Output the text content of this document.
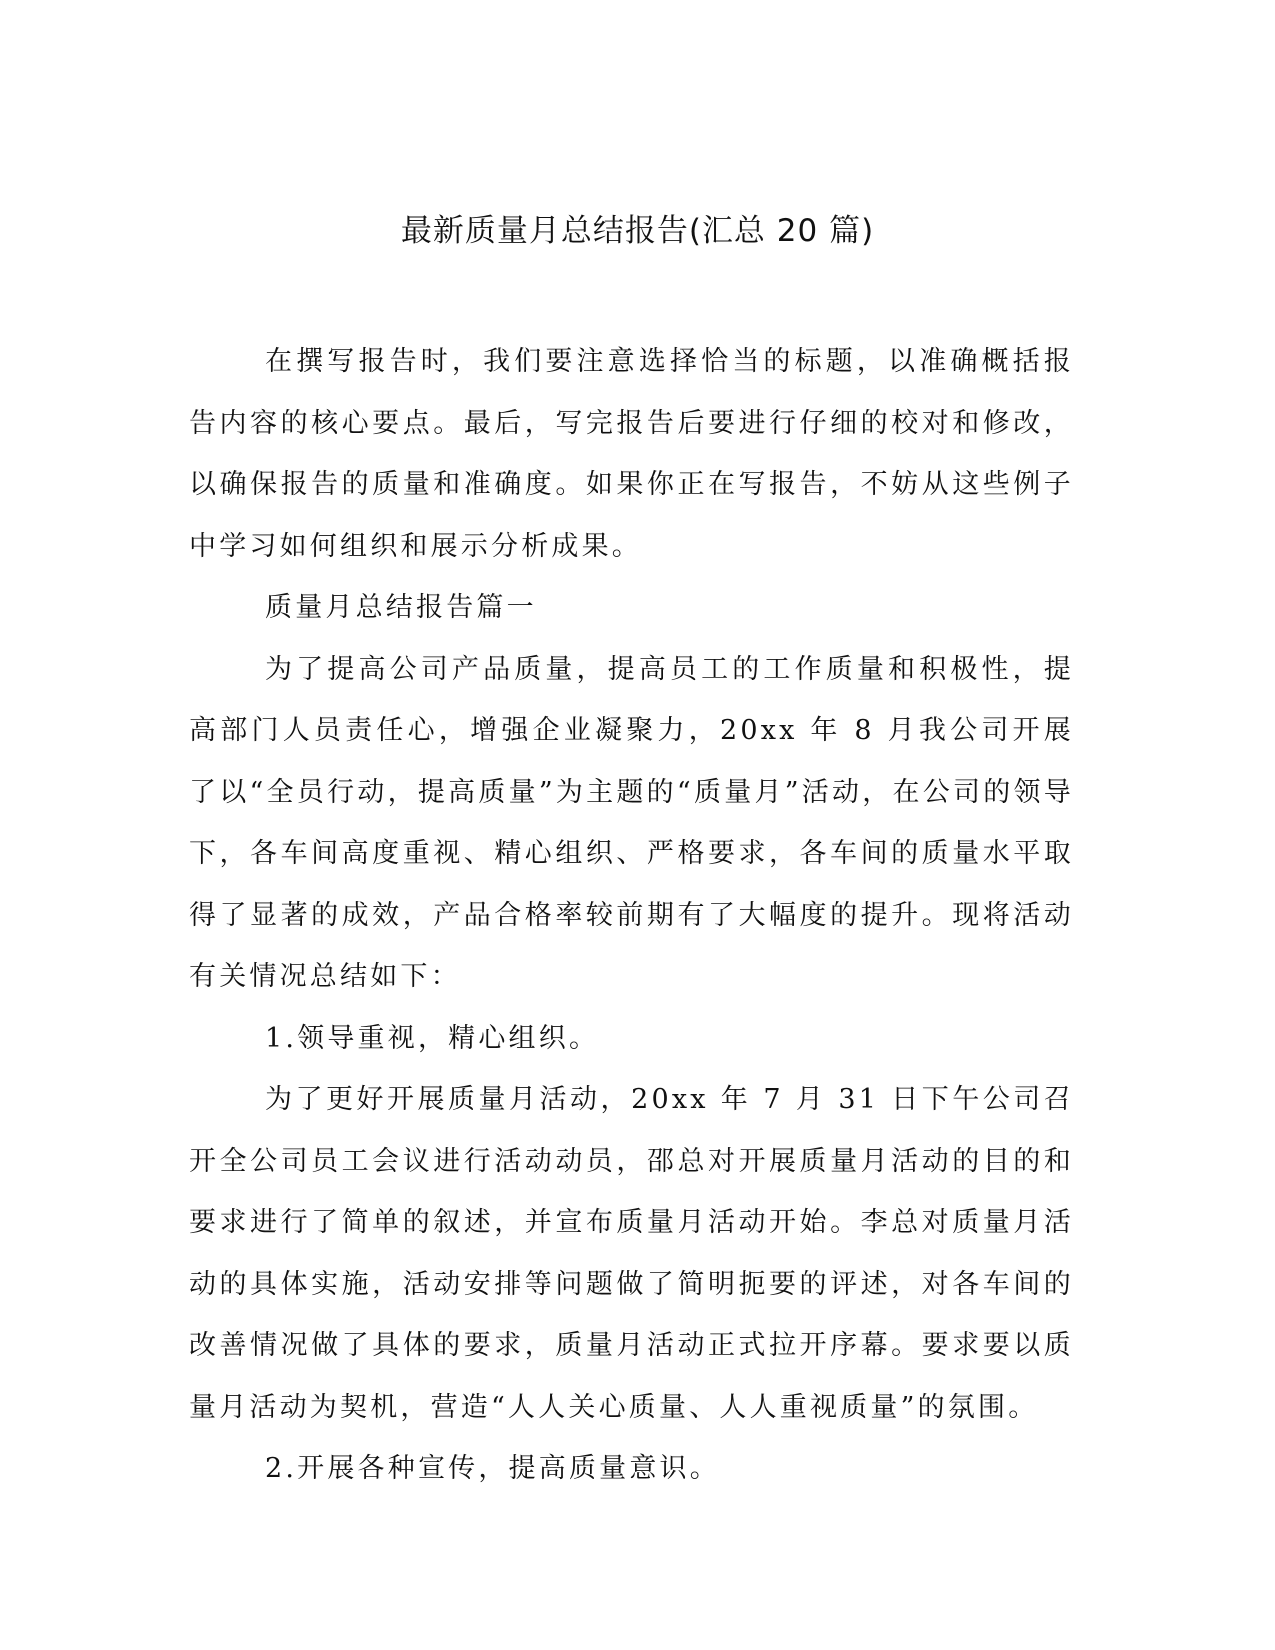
最新质量月总结报告(汇总 20 篇)

在撰写报告时，我们要注意选择恰当的标题，以准确概括报告内容的核心要点。最后，写完报告后要进行仔细的校对和修改，以确保报告的质量和准确度。如果你正在写报告，不妨从这些例子中学习如何组织和展示分析成果。

质量月总结报告篇一

为了提高公司产品质量，提高员工的工作质量和积极性，提高部门人员责任心，增强企业凝聚力，20xx 年 8 月我公司开展了以“全员行动，提高质量”为主题的“质量月”活动，在公司的领导下，各车间高度重视、精心组织、严格要求，各车间的质量水平取得了显著的成效，产品合格率较前期有了大幅度的提升。现将活动有关情况总结如下：

1.领导重视，精心组织。

为了更好开展质量月活动，20xx 年 7 月 31 日下午公司召开全公司员工会议进行活动动员，邵总对开展质量月活动的目的和要求进行了简单的叙述，并宣布质量月活动开始。李总对质量月活动的具体实施，活动安排等问题做了简明扼要的评述，对各车间的改善情况做了具体的要求，质量月活动正式拉开序幕。要求要以质量月活动为契机，营造“人人关心质量、人人重视质量”的氛围。

2.开展各种宣传，提高质量意识。
